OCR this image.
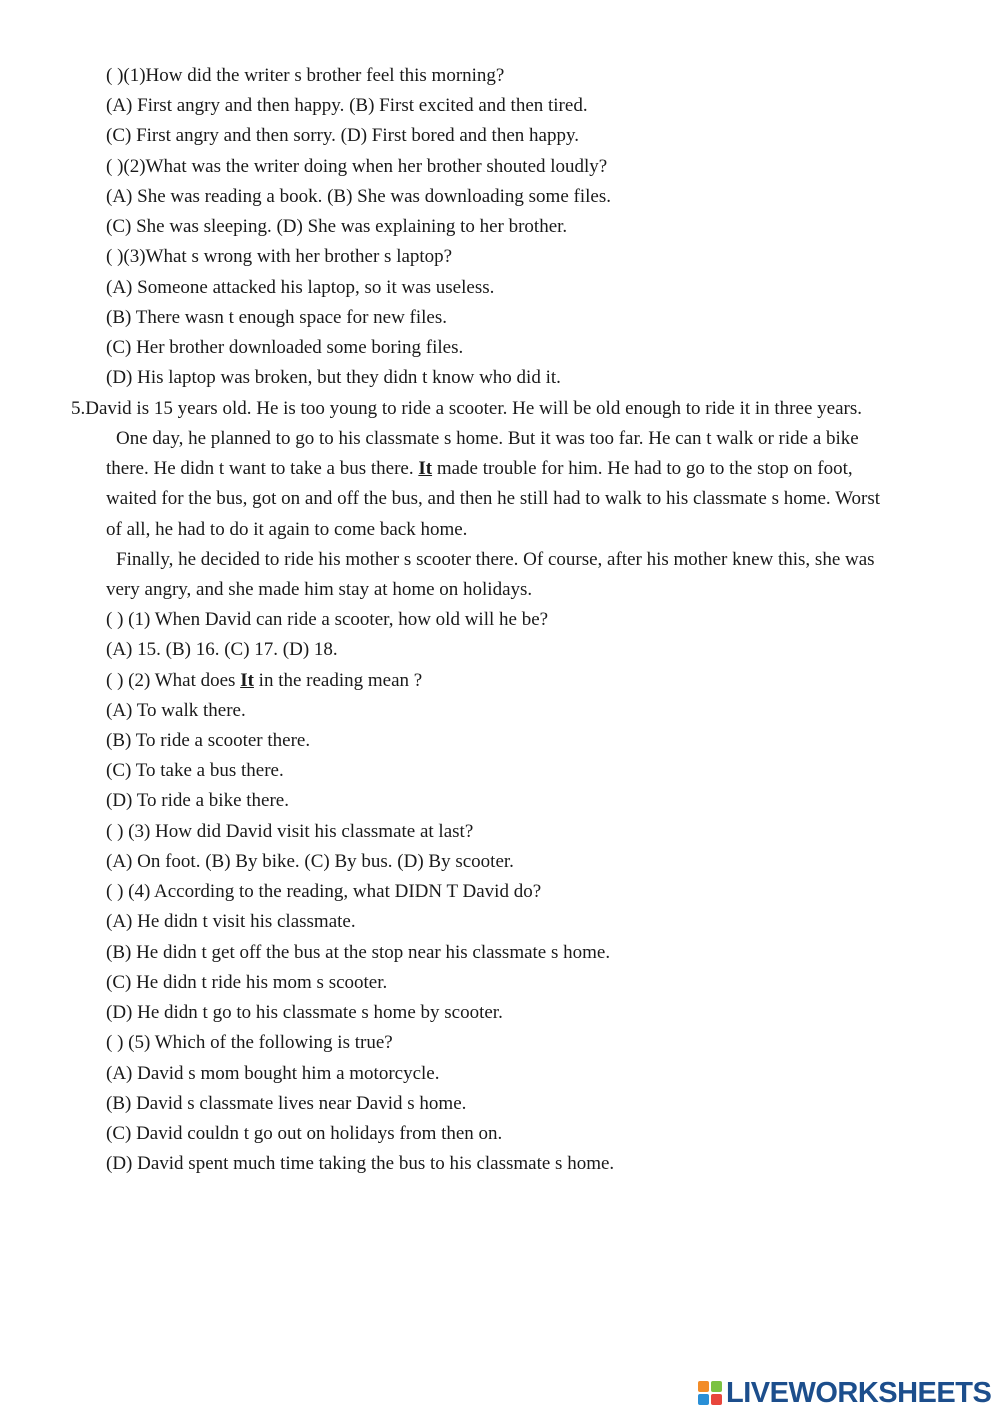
( )(1)How did the writer s brother feel this morning?
(A) First angry and then happy. (B) First excited and then tired.
(C) First angry and then sorry. (D) First bored and then happy.
( )(2)What was the writer doing when her brother shouted loudly?
(A) She was reading a book. (B) She was downloading some files.
(C) She was sleeping. (D) She was explaining to her brother.
( )(3)What s wrong with her brother s laptop?
(A) Someone attacked his laptop, so it was useless.
(B) There wasn t enough space for new files.
(C) Her brother downloaded some boring files.
(D) His laptop was broken, but they didn t know who did it.
5.David is 15 years old. He is too young to ride a scooter. He will be old enough to ride it in three years.
One day, he planned to go to his classmate s home. But it was too far. He can t walk or ride a bike
there. He didn t want to take a bus there. It made trouble for him. He had to go to the stop on foot,
waited for the bus, got on and off the bus, and then he still had to walk to his classmate s home. Worst
of all, he had to do it again to come back home.
Finally, he decided to ride his mother s scooter there. Of course, after his mother knew this, she was
very angry, and she made him stay at home on holidays.
( ) (1) When David can ride a scooter, how old will he be?
(A) 15. (B) 16. (C) 17. (D) 18.
( ) (2) What does It in the reading mean ?
(A) To walk there.
(B) To ride a scooter there.
(C) To take a bus there.
(D) To ride a bike there.
( ) (3) How did David visit his classmate at last?
(A) On foot. (B) By bike. (C) By bus. (D) By scooter.
( ) (4) According to the reading, what DIDN T David do?
(A) He didn t visit his classmate.
(B) He didn t get off the bus at the stop near his classmate s home.
(C) He didn t ride his mom s scooter.
(D) He didn t go to his classmate s home by scooter.
( ) (5) Which of the following is true?
(A) David s mom bought him a motorcycle.
(B) David s classmate lives near David s home.
(C) David couldn t go out on holidays from then on.
(D) David spent much time taking the bus to his classmate s home.
LIVEWORKSHEETS
